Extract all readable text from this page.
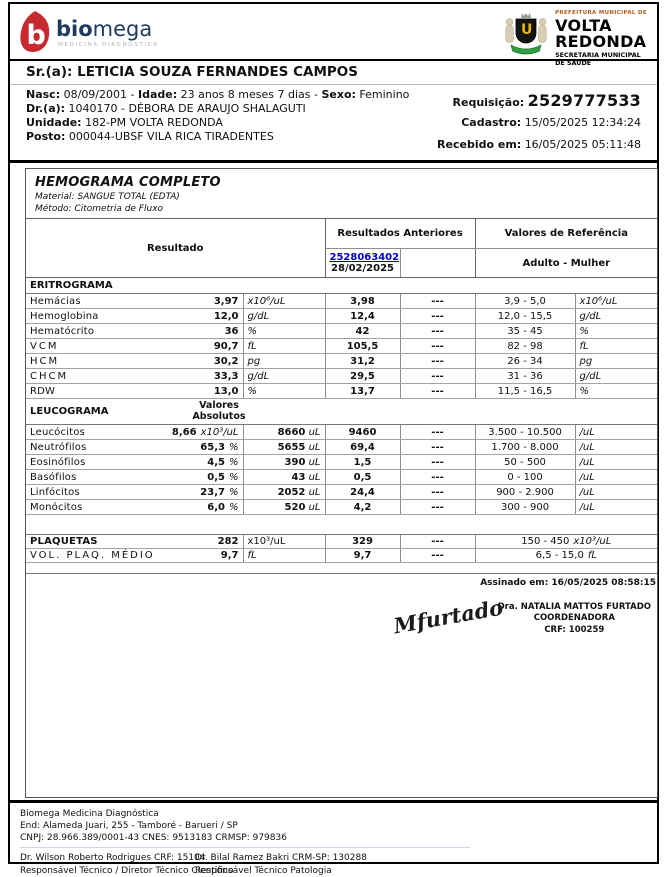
b biomega
MEDICINA DIAGNÓSTICA
U
PREFEITURA MUNICIPAL DE
VOLTA
REDONDA
SECRETARIA MUNICIPAL
DE SAUDE
Sr.(a): LETICIA SOUZA FERNANDES CAMPOS
Nasc: 08/09/2001 - Idade: 23 anos 8 meses 7 dias - Sexo: Feminino
Dr.(a): 1040170 - DÉBORA DE ARAUJO SHALAGUTI
Unidade: 182-PM VOLTA REDONDA
Posto: 000044-UBSF VILA RICA TIRADENTES
Requisição: 2529777533
Cadastro: 15/05/2025 12:34:24
Recebido em: 16/05/2025 05:11:48
HEMOGRAMA COMPLETO
Material: SANGUE TOTAL (EDTA)
Método: Citometria de Fluxo
Resultado		Resultados Anteriores		Valores de Referência	

		2528063402
28/02/2025		Adulto - Mulher	
ERITROGRAMA					

Hemácias 3,97	x10⁶/uL	3,98	---	3,9 - 5,0	x10⁶/uL

Hemoglobina 12,0	g/dL	12,4	---	12,0 - 15,5	g/dL

Hematócrito 36	%	42	---	35 - 45	%

VCM 90,7	fL	105,5	---	82 - 98	fL

HCM 30,2	pg	31,2	---	26 - 34	pg

CHCM 33,3	g/dL	29,5	---	31 - 36	g/dL

RDW 13,0	%	13,7	---	11,5 - 16,5	%
LEUCOGRAMA
Valores
Absolutos					

Leucócitos 8,66 x10³/uL	8660 uL	9460	---	3.500 - 10.500	/uL

Neutrófilos 65,3 %	5655 uL	69,4	---	1.700 - 8.000	/uL

Eosinófilos 4,5 %	390 uL	1,5	---	50 - 500	/uL

Basófilos 0,5 %	43 uL	0,5	---	0 - 100	/uL

Linfócitos 23,7 %	2052 uL	24,4	---	900 - 2.900	/uL

Monócitos 6,0 %	520 uL	4,2	---	300 - 900	/uL

PLAQUETAS 282	x10³/uL	329	---	150 - 450 x10³/uL	

VOL. PLAQ. MÉDIO 9,7	fL	9,7	---	6,5 - 15,0 fL	

Assinado em: 16/05/2025 08:58:15
Mfurtado
Dra. NATALIA MATTOS FURTADO
COORDENADORA
CRF: 100259
Biomega Medicina Diagnóstica
End: Alameda Juari, 255 - Tamboré - Barueri / SP
CNPJ: 28.966.389/0001-43 CNES: 9513183 CRMSP: 979836
Dr. Wilson Roberto Rodrigues CRF: 15104
Responsável Técnico / Diretor Técnico Cientifico
Dr. Bilal Ramez Bakri CRM-SP: 130288
Responsável Técnico Patologia
